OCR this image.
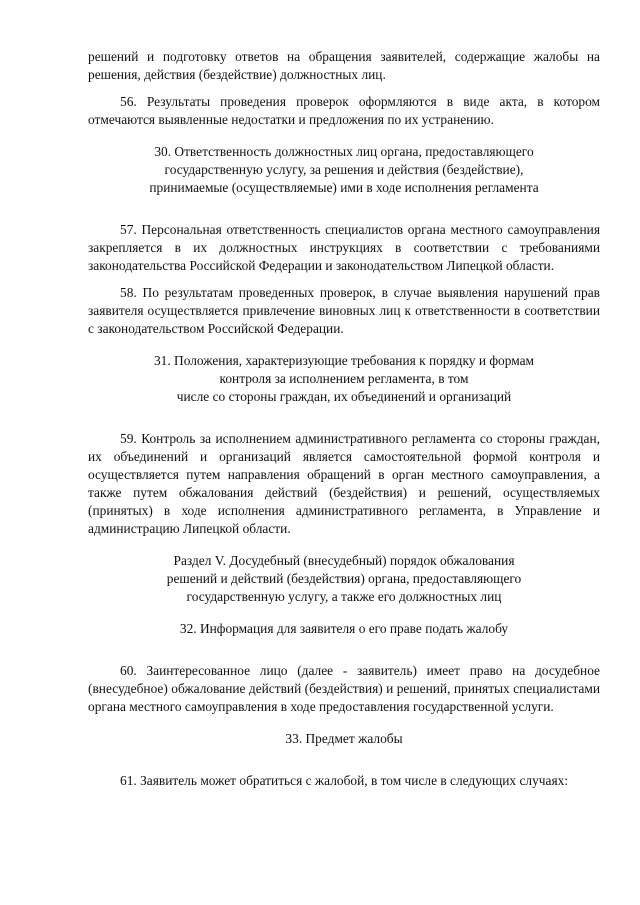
решений и подготовку ответов на обращения заявителей, содержащие жалобы на решения, действия (бездействие) должностных лиц.

56. Результаты проведения проверок оформляются в виде акта, в котором отмечаются выявленные недостатки и предложения по их устранению.

30. Ответственность должностных лиц органа, предоставляющего
государственную услугу, за решения и действия (бездействие),
принимаемые (осуществляемые) ими в ходе исполнения регламента

57. Персональная ответственность специалистов органа местного самоуправления закрепляется в их должностных инструкциях в соответствии с требованиями законодательства Российской Федерации и законодательством Липецкой области.

58. По результатам проведенных проверок, в случае выявления нарушений прав заявителя осуществляется привлечение виновных лиц к ответственности в соответствии с законодательством Российской Федерации.

31. Положения, характеризующие требования к порядку и формам
контроля за исполнением регламента, в том
числе со стороны граждан, их объединений и организаций

59. Контроль за исполнением административного регламента со стороны граждан, их объединений и организаций является самостоятельной формой контроля и осуществляется путем направления обращений в орган местного самоуправления, а также путем обжалования действий (бездействия) и решений, осуществляемых (принятых) в ходе исполнения административного регламента, в Управление и администрацию Липецкой области.

Раздел V. Досудебный (внесудебный) порядок обжалования
решений и действий (бездействия) органа, предоставляющего
государственную услугу, а также его должностных лиц
32. Информация для заявителя о его праве подать жалобу

60. Заинтересованное лицо (далее - заявитель) имеет право на досудебное (внесудебное) обжалование действий (бездействия) и решений, принятых специалистами органа местного самоуправления в ходе предоставления государственной услуги.

33. Предмет жалобы

61. Заявитель может обратиться с жалобой, в том числе в следующих случаях:
